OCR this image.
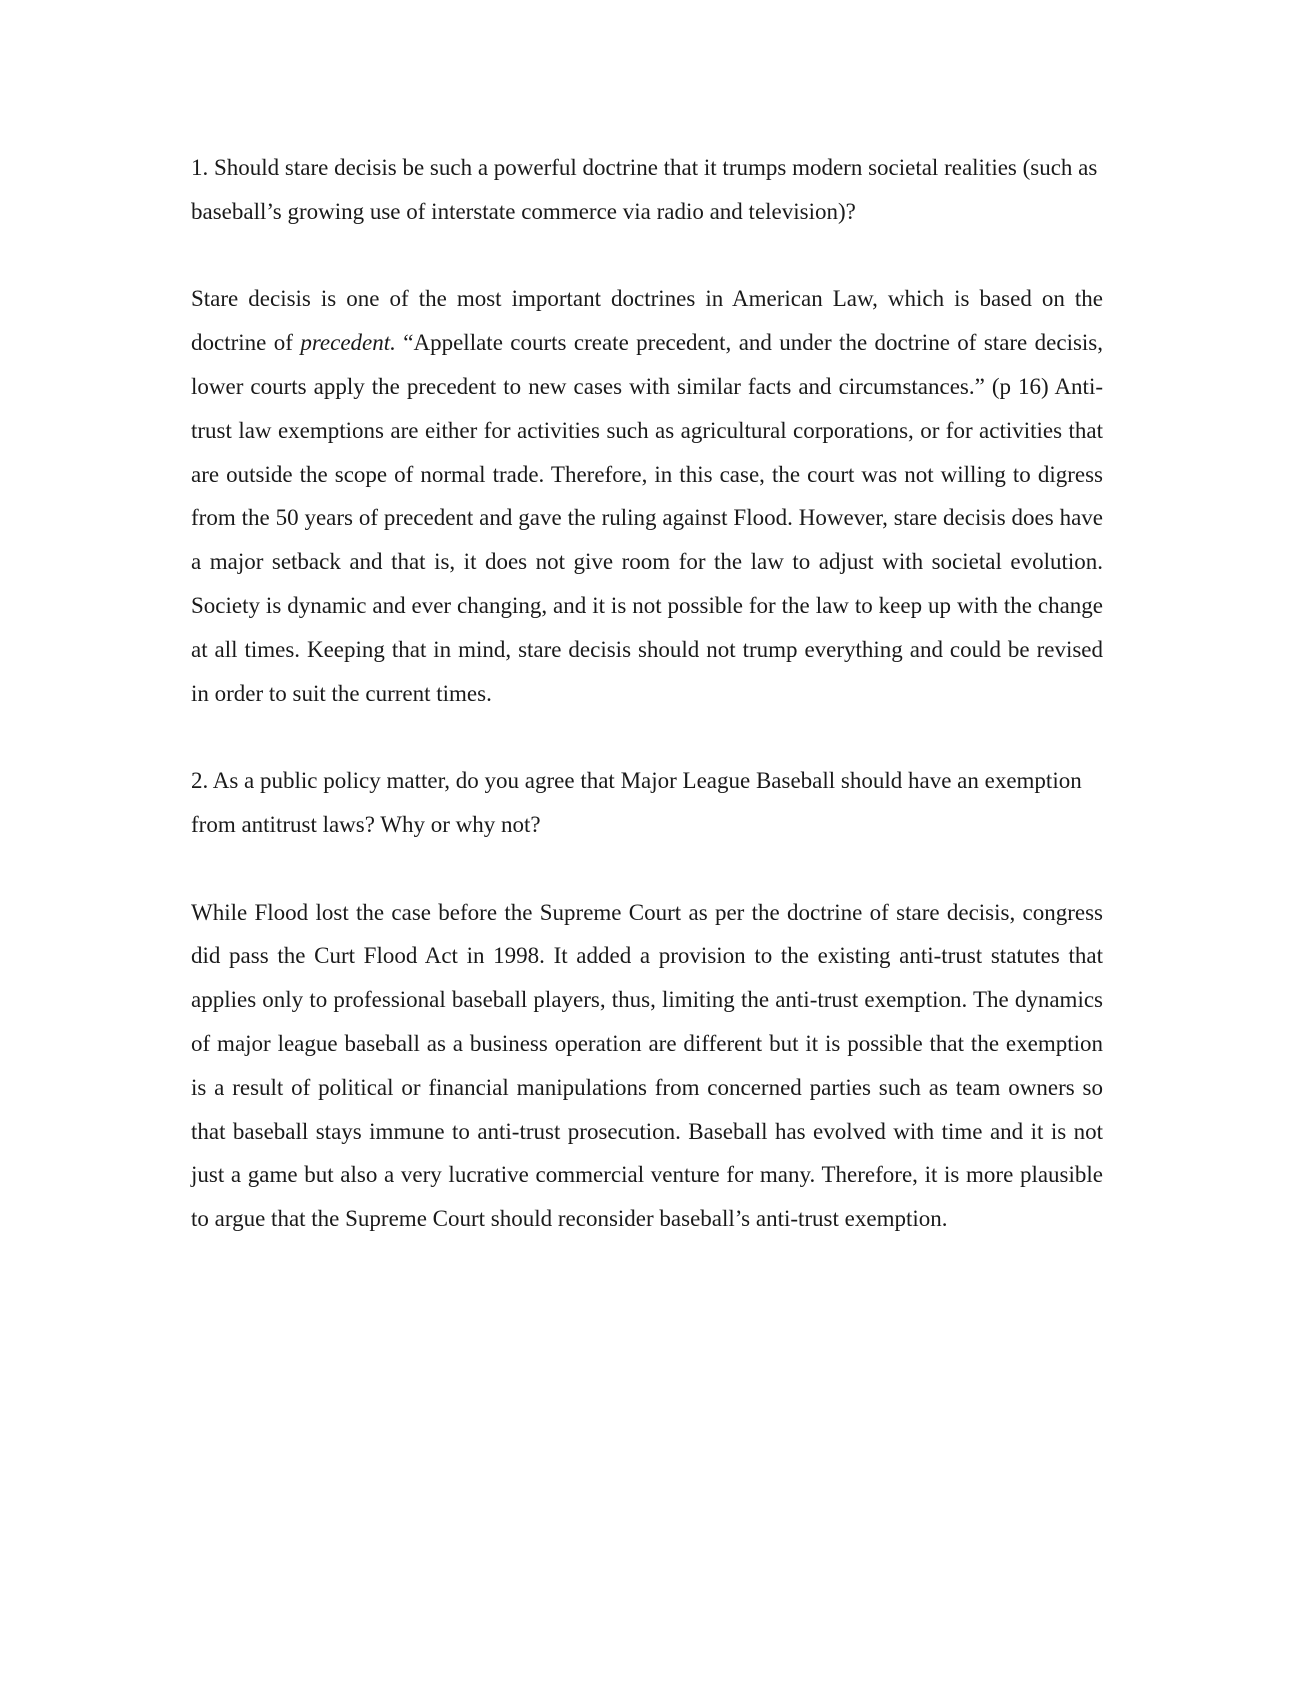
1. Should stare decisis be such a powerful doctrine that it trumps modern societal realities (such as baseball’s growing use of interstate commerce via radio and television)?

Stare decisis is one of the most important doctrines in American Law, which is based on the doctrine of precedent. “Appellate courts create precedent, and under the doctrine of stare decisis, lower courts apply the precedent to new cases with similar facts and circumstances.” (p 16) Anti-trust law exemptions are either for activities such as agricultural corporations, or for activities that are outside the scope of normal trade. Therefore, in this case, the court was not willing to digress from the 50 years of precedent and gave the ruling against Flood. However, stare decisis does have a major setback and that is, it does not give room for the law to adjust with societal evolution. Society is dynamic and ever changing, and it is not possible for the law to keep up with the change at all times. Keeping that in mind, stare decisis should not trump everything and could be revised in order to suit the current times.

2. As a public policy matter, do you agree that Major League Baseball should have an exemption from antitrust laws? Why or why not?

While Flood lost the case before the Supreme Court as per the doctrine of stare decisis, congress did pass the Curt Flood Act in 1998. It added a provision to the existing anti-trust statutes that applies only to professional baseball players, thus, limiting the anti-trust exemption. The dynamics of major league baseball as a business operation are different but it is possible that the exemption is a result of political or financial manipulations from concerned parties such as team owners so that baseball stays immune to anti-trust prosecution. Baseball has evolved with time and it is not just a game but also a very lucrative commercial venture for many. Therefore, it is more plausible to argue that the Supreme Court should reconsider baseball’s anti-trust exemption.
